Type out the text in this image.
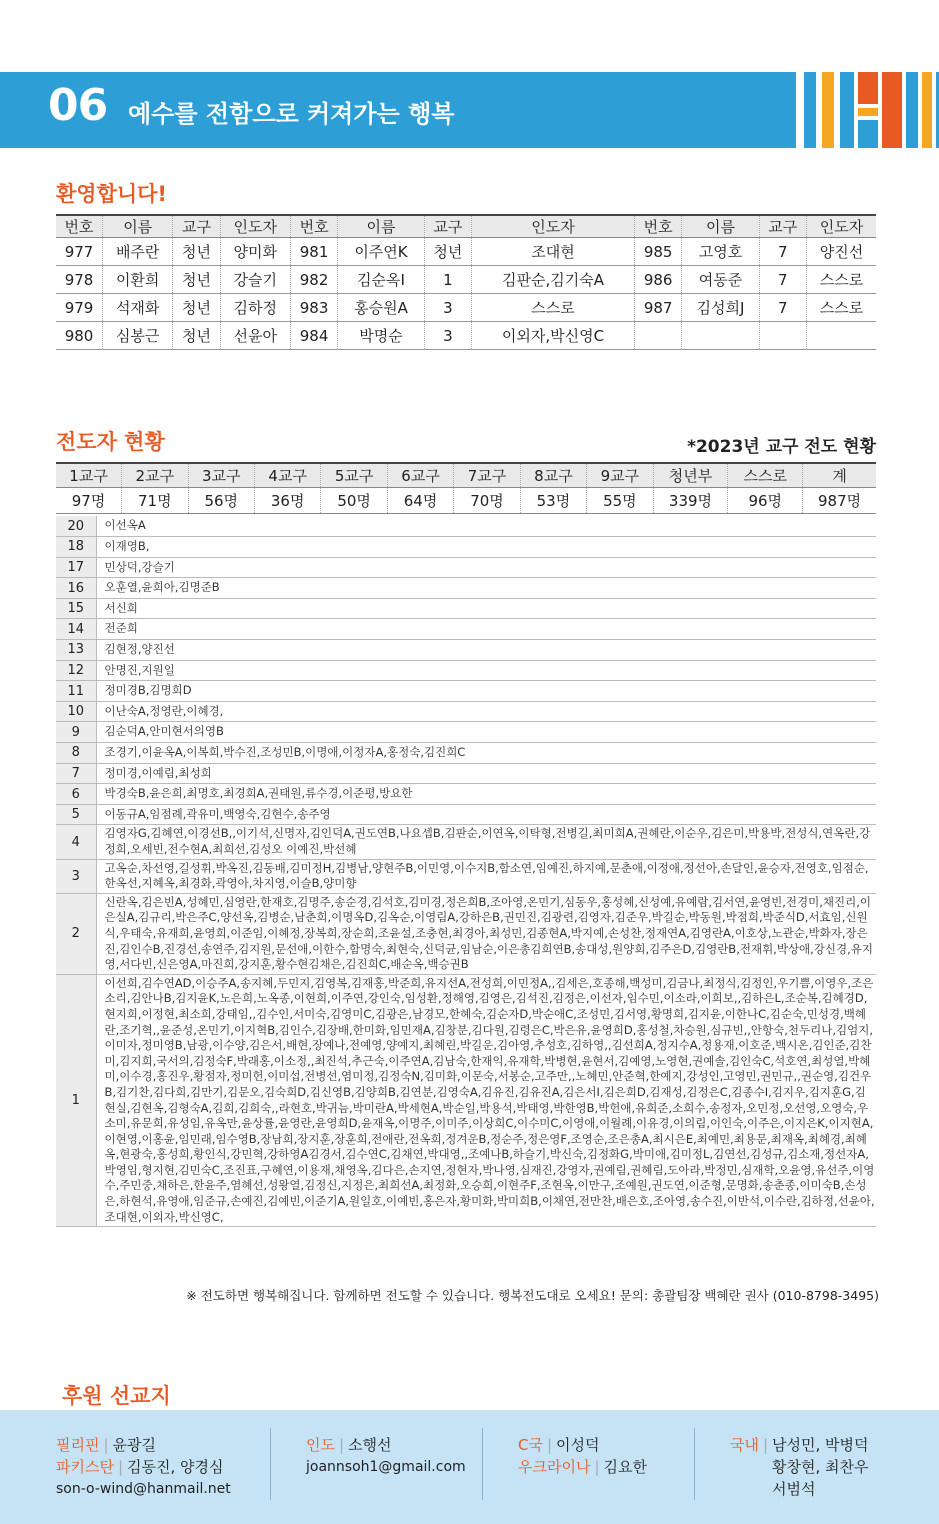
06 예수를 전함으로 커져가는 행복
환영합니다!
번호	이름	교구	인도자	번호	이름	교구	인도자	번호	이름	교구	인도자
977	배주란	청년	양미화	981	이주연K	청년	조대현	985	고영호	7	양진선
978	이환희	청년	강슬기	982	김순옥I	1	김판순,김기숙A	986	여동준	7	스스로
979	석재화	청년	김하정	983	홍승원A	3	스스로	987	김성희J	7	스스로
980	심봉근	청년	선윤아	984	박명순	3	이외자,박신영C				
전도자 현황	*2023년 교구 전도 현황
1교구	2교구	3교구	4교구	5교구	6교구	7교구	8교구	9교구	청년부	스스로	계
97명	71명	56명	36명	50명	64명	70명	53명	55명	339명	96명	987명
20	이선옥A
18	이재영B,
17	민상덕,강슬기
16	오훈열,윤희아,김명준B
15	서신희
14	전준희
13	김현정,양진선
12	안명진,지원일
11	정미경B,김명희D
10	이난숙A,정영란,이혜경,
9	김순덕A,안미현서의영B
8	조경기,이윤옥A,이복희,박수진,조성민B,이명애,이정자A,홍정숙,김진희C
7	정미경,이예림,최성희
6	박경숙B,윤은희,최명호,최경희A,권태원,류수경,이준평,방요한
5	이동규A,임점례,곽유미,백영숙,김현수,송주영
4	김영자G,김혜연,이경선B,,이기석,신명자,김인덕A,권도연B,나요셉B,김판순,이연옥,이탁형,전병길,최미희A,권혜란,이순우,김은미,박용박,전성식,연옥란,강정희,오세빈,전수현A,최희선,김성오 이예진,박선혜
3	고옥순,차선영,길성휘,박옥진,김동배,김미정H,김병남,양현주B,이민영,이수지B,함소연,임예진,하지예,문춘애,이정애,정선아,손달인,윤승자,전영호,임점순,한옥선,지혜옥,최경화,곽영아,차지영,이슬B,양미향
2	신란옥,김은빈A,성혜민,심영란,한재호,김명주,송순경,김석호,김미경,정은희B,조아영,온민기,심동우,홍성혜,신성예,유예람,김서연,윤영빈,전경미,채진리,이은실A,김규리,박은주C,양선옥,김병순,남춘희,이명옥D,김옥순,이영림A,강하은B,권민진,김광련,김영자,김준우,박길순,박동원,박점희,박준식D,서효임,신원식,우태숙,유재희,윤영희,이준임,이혜정,장복희,장순희,조윤설,조충현,최경아,최성민,김종현A,박지예,손성찬,정재연A,김영란A,이호상,노관순,박화자,장은진,김인수B,진경선,송연주,김지원,문선애,이한수,함명숙,최현숙,신덕균,임남순,이은총김희연B,송대성,원양희,김주은D,김영란B,전재휘,박상애,강신경,유지영,서다빈,신은영A,마진희,강지훈,황수현김채은,김진희C,배순옥,백승권B
1	이선희,김수연AD,이승주A,송지혜,두민지,김영복,김재홍,박준희,유지선A,전성희,이민정A,,김세은,호종해,백성미,김금나,최정식,김정인,우기쁨,이영우,조은소리,김안나B,김지윤K,노은희,노옥종,이현희,이주연,강인숙,임성환,정해영,김영은,김석진,김정은,이선자,임수민,이소라,이희보,,김하은L,조순복,김혜경D,현지희,이정현,최소희,강태임,,김수인,서미숙,김영미C,김광은,남경모,한혜숙,김순자D,박순애C,조성민,김서영,황명희,김지윤,이한나C,김순숙,민성경,백혜란,조기혁,,윤준성,온민기,이지혁B,김인수,김장배,한미화,임민재A,김창분,김다원,김령은C,박은유,윤영희D,홍성철,차승원,심규빈,,안항숙,천두리나,김엄지,이미자,정미영B,남광,이수양,김은서,배현,장예나,전예영,양예지,최혜린,박길운,김아영,추성호,김하영,,김선희A,정지수A,정용재,이호준,백시온,김인준,김찬미,김지희,국서의,김정숙F,박래홍,이소정,,최진석,추근숙,이주연A,김남숙,한재익,유재학,박병현,윤현서,김예영,노영현,권예솔,김인숙C,석호연,최성열,박혜미,이수경,홍진우,황점자,정미헌,이미섭,전병선,염미정,김정숙N,김미화,이문숙,서봉순,고주만,,노혜민,안준혁,한예지,강성인,고영민,권민규,,권순영,김건우B,김기찬,김다희,김만기,김문오,김숙희D,김신영B,김양희B,김연분,김영숙A,김유진,김유진A,김은서I,김은희D,김재성,김정은C,김종수I,김지우,김지훈G,김현실,김현옥,김형숙A,김희,김희숙,,라현호,박귀늠,박미란A,박세현A,박순일,박용석,박태영,박한영B,박헌애,유희준,소희수,송정자,오민정,오선영,오영숙,우소미,유문희,유성임,유옥만,윤상률,윤영란,윤영희D,윤재옥,이명주,이미주,이상희C,이수미C,이영애,이월례,이유경,이의림,이인숙,이주은,이지은K,이지현A,이현영,이홍윤,임민래,임수영B,장남희,장지훈,장훈희,전애란,전옥희,정겨운B,정순주,정은영F,조영순,조은총A,최시은E,최예민,최용문,최재옥,최혜경,최혜옥,현광숙,홍성희,황인식,강민혁,강하영A김경서,김수연C,김채연,박대영,,조예나B,하슬기,박신숙,김정화G,박미애,김미정L,김연선,김성규,김소재,정선자A,박영임,형지현,김민숙C,조진표,구혜연,이용재,채영옥,김다은,손지연,정현자,박나영,심재진,강영자,권예림,권혜림,도아라,박정민,심재학,오윤영,유선주,이영수,주민중,채하은,한윤주,염혜선,성왕열,김정신,지정은,최희선A,최정화,오승희,이현주F,조현옥,이만구,조예원,권도연,이준형,문명화,송춘종,이미숙B,손성은,하현석,유영애,임준규,손예진,김예빈,이준기A,원일호,이예빈,홍은자,황미화,박미희B,이채연,전만찬,배은호,조아영,송수진,이반석,이수란,김하정,선윤아,조대현,이외자,박신영C,
※ 전도하면 행복해집니다. 함께하면 전도할 수 있습니다. 행복전도대로 오세요! 문의: 총괄팀장 백혜란 권사 (010-8798-3495)
후원 선교지
필리핀 | 윤광길
파키스탄 | 김동진, 양경심
son-o-wind@hanmail.net
인도 | 소행선
joannsoh1@gmail.com
C국 | 이성덕
우크라이나 | 김요한
국내 | 남성민, 박병덕
황창현, 최찬우
서범석
